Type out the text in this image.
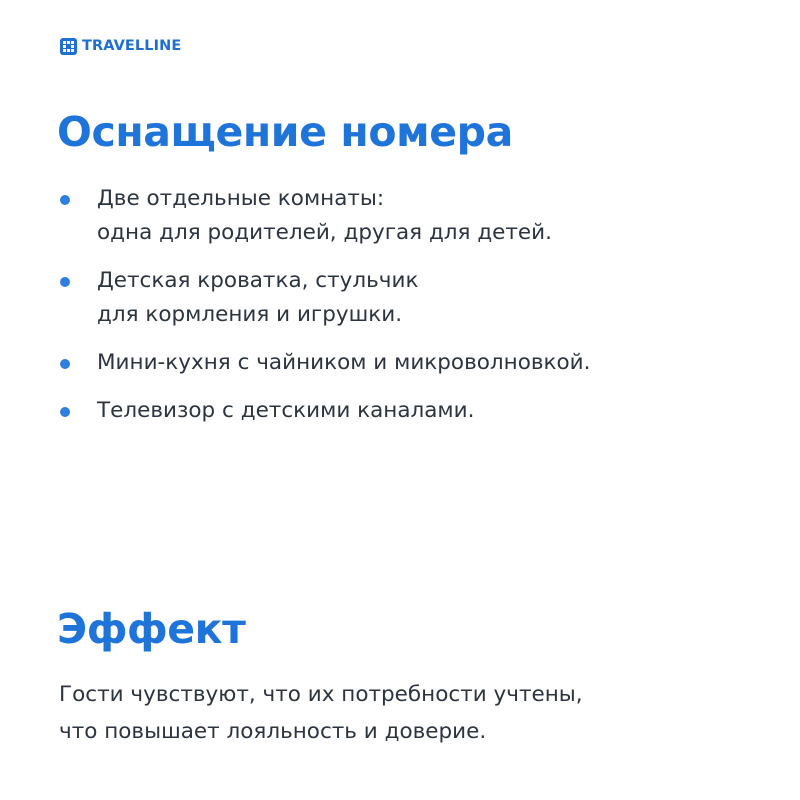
TRAVELLINE
Оснащение номера
Две отдельные комнаты:
одна для родителей, другая для детей.
Детская кроватка, стульчик
для кормления и игрушки.
Мини-кухня с чайником и микроволновкой.
Телевизор с детскими каналами.
Эффект

Гости чувствуют, что их потребности учтены,
что повышает лояльность и доверие.
